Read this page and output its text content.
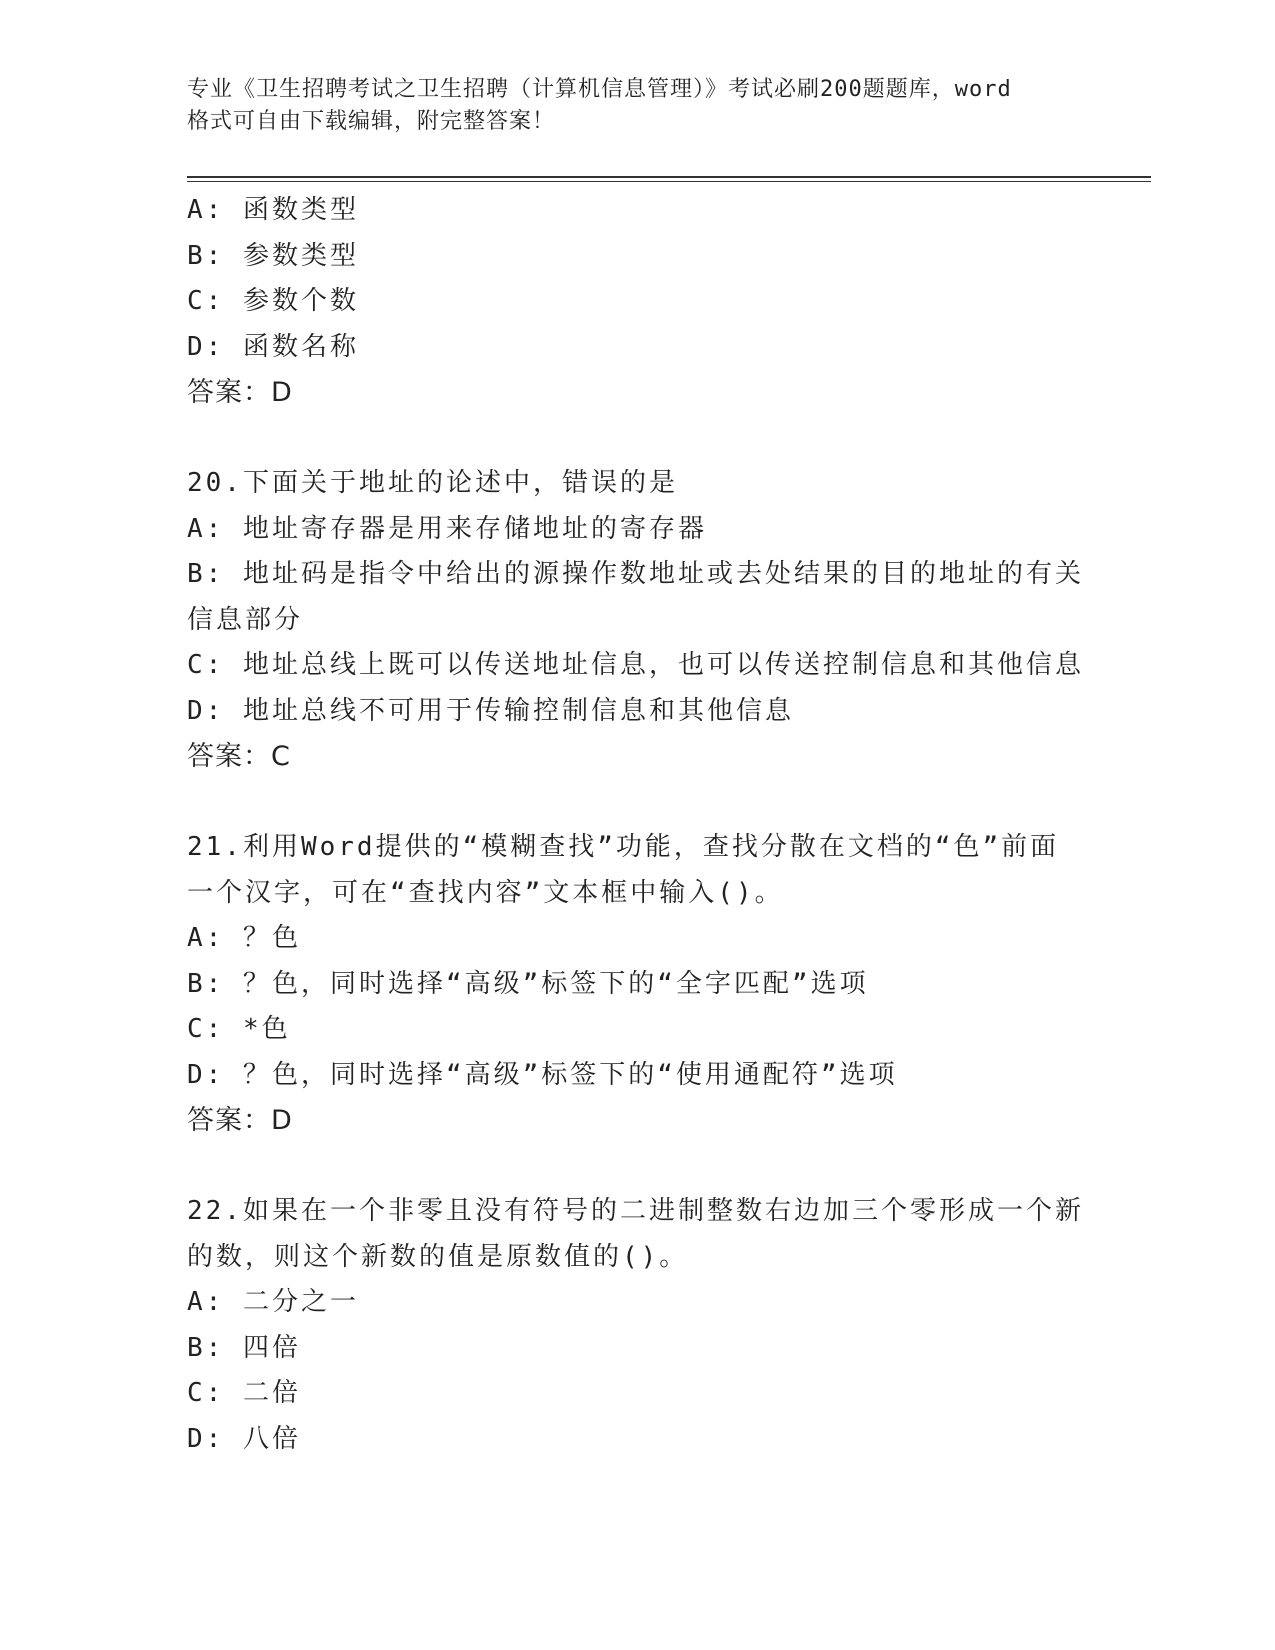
专业《卫生招聘考试之卫生招聘（计算机信息管理）》考试必刷200题题库，word
格式可自由下载编辑，附完整答案！
A: 函数类型
B: 参数类型
C: 参数个数
D: 函数名称
答案：D
20.下面关于地址的论述中，错误的是
A: 地址寄存器是用来存储地址的寄存器
B: 地址码是指令中给出的源操作数地址或去处结果的目的地址的有关信息部分
C: 地址总线上既可以传送地址信息，也可以传送控制信息和其他信息
D: 地址总线不可用于传输控制信息和其他信息
答案：C
21.利用Word提供的“模糊查找”功能，查找分散在文档的“色”前面一个汉字，可在“查找内容”文本框中输入()。
A: ？色
B: ？色，同时选择“高级”标签下的“全字匹配”选项
C: *色
D: ？色，同时选择“高级”标签下的“使用通配符”选项
答案：D
22.如果在一个非零且没有符号的二进制整数右边加三个零形成一个新的数，则这个新数的值是原数值的()。
A: 二分之一
B: 四倍
C: 二倍
D: 八倍
